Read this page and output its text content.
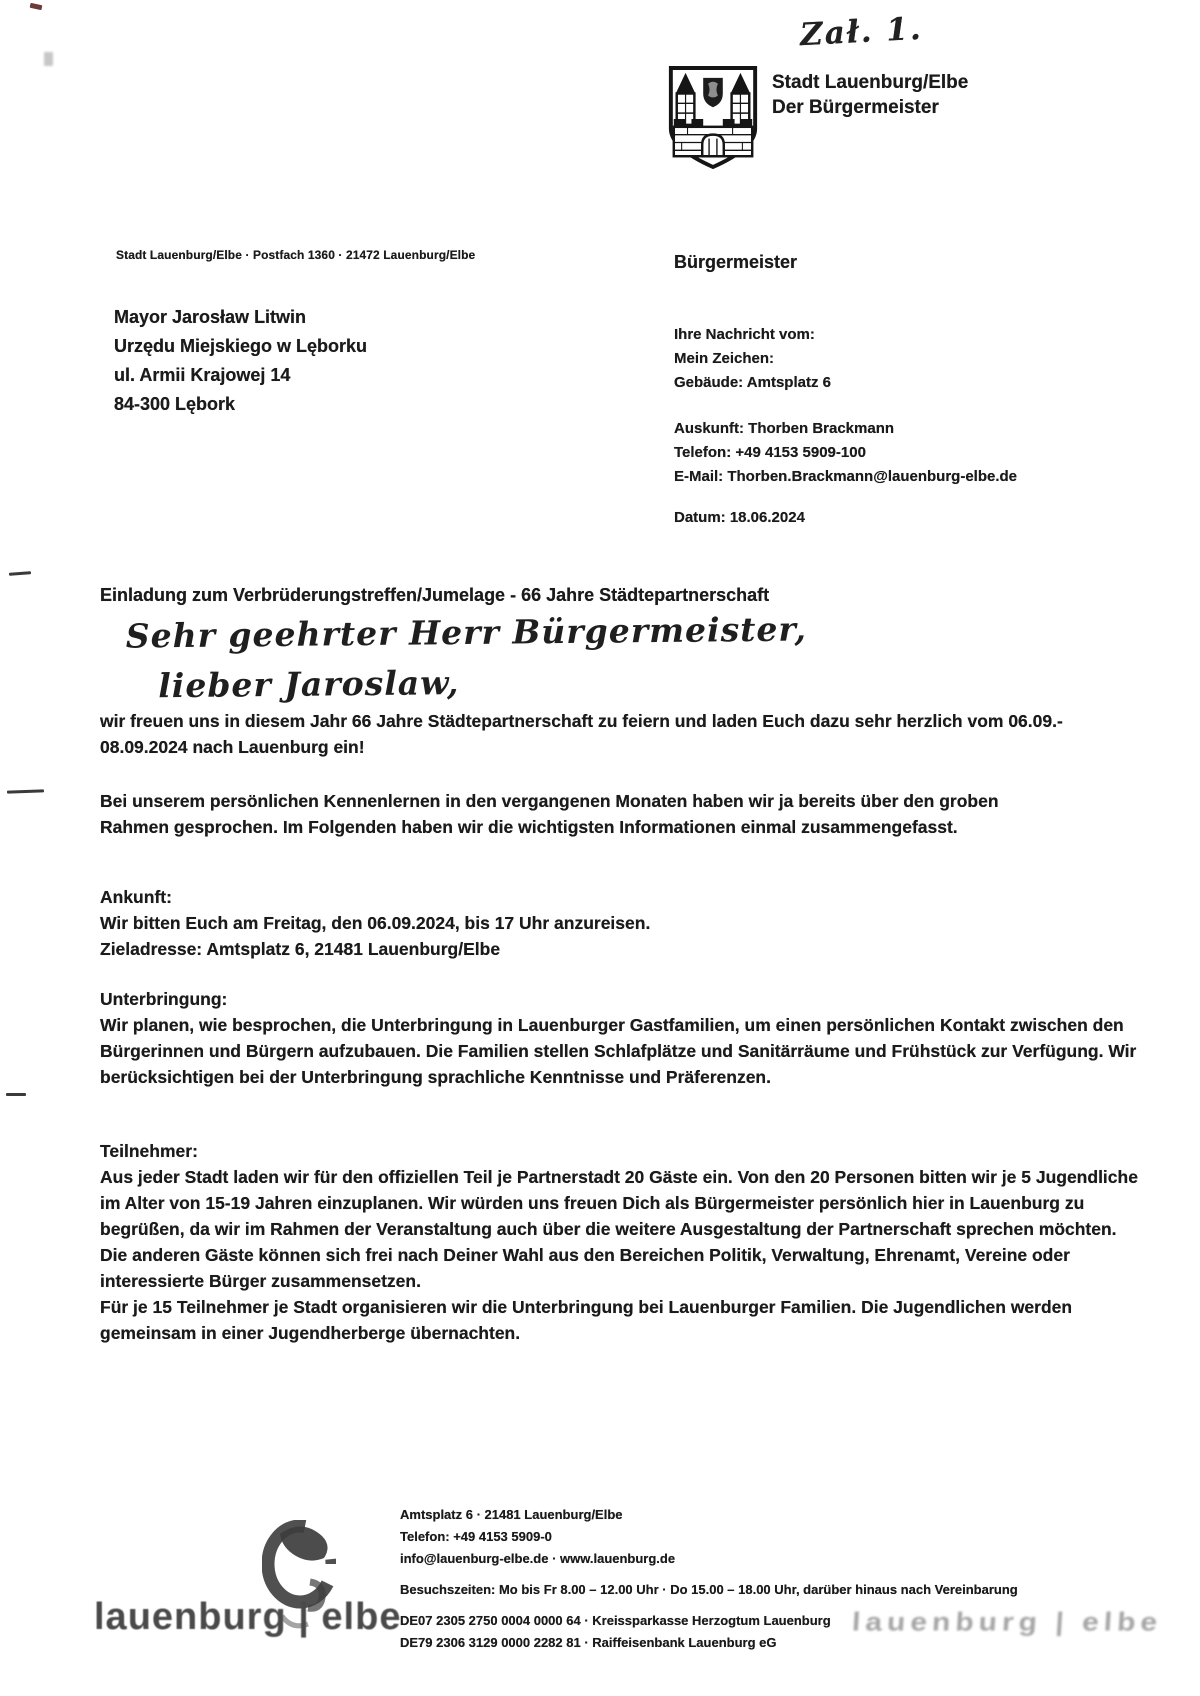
Zał. 1.
Stadt Lauenburg/Elbe
Der Bürgermeister
Stadt Lauenburg/Elbe · Postfach 1360 · 21472 Lauenburg/Elbe
Mayor Jarosław Litwin
Urzędu Miejskiego w Lęborku
ul. Armii Krajowej 14
84-300 Lębork
Bürgermeister
Ihre Nachricht vom:
Mein Zeichen:
Gebäude: Amtsplatz 6
Auskunft: Thorben Brackmann
Telefon: +49 4153 5909-100
E-Mail: Thorben.Brackmann@lauenburg-elbe.de
Datum: 18.06.2024
Einladung zum Verbrüderungstreffen/Jumelage - 66 Jahre Städtepartnerschaft
Sehr geehrter Herr Bürgermeister,
lieber Jaroslaw,
wir freuen uns in diesem Jahr 66 Jahre Städtepartnerschaft zu feiern und laden Euch dazu sehr herzlich vom 06.09.- 08.09.2024 nach Lauenburg ein!
Bei unserem persönlichen Kennenlernen in den vergangenen Monaten haben wir ja bereits über den groben Rahmen gesprochen. Im Folgenden haben wir die wichtigsten Informationen einmal zusammengefasst.
Ankunft:
Wir bitten Euch am Freitag, den 06.09.2024, bis 17 Uhr anzureisen.
Zieladresse: Amtsplatz 6, 21481 Lauenburg/Elbe
Unterbringung:
Wir planen, wie besprochen, die Unterbringung in Lauenburger Gastfamilien, um einen persönlichen Kontakt zwischen den Bürgerinnen und Bürgern aufzubauen. Die Familien stellen Schlafplätze und Sanitärräume und Frühstück zur Verfügung. Wir berücksichtigen bei der Unterbringung sprachliche Kenntnisse und Präferenzen.
Teilnehmer:
Aus jeder Stadt laden wir für den offiziellen Teil je Partnerstadt 20 Gäste ein. Von den 20 Personen bitten wir je 5 Jugendliche im Alter von 15-19 Jahren einzuplanen. Wir würden uns freuen Dich als Bürgermeister persönlich hier in Lauenburg zu begrüßen, da wir im Rahmen der Veranstaltung auch über die weitere Ausgestaltung der Partnerschaft sprechen möchten. Die anderen Gäste können sich frei nach Deiner Wahl aus den Bereichen Politik, Verwaltung, Ehrenamt, Vereine oder interessierte Bürger zusammensetzen.
Für je 15 Teilnehmer je Stadt organisieren wir die Unterbringung bei Lauenburger Familien. Die Jugendlichen werden gemeinsam in einer Jugendherberge übernachten.
lauenburg | elbe
Amtsplatz 6 · 21481 Lauenburg/Elbe
Telefon: +49 4153 5909-0
info@lauenburg-elbe.de · www.lauenburg.de
Besuchszeiten: Mo bis Fr 8.00 – 12.00 Uhr · Do 15.00 – 18.00 Uhr, darüber hinaus nach Vereinbarung
DE07 2305 2750 0004 0000 64 · Kreissparkasse Herzogtum Lauenburg
DE79 2306 3129 0000 2282 81 · Raiffeisenbank Lauenburg eG
lauenburg | elbe
